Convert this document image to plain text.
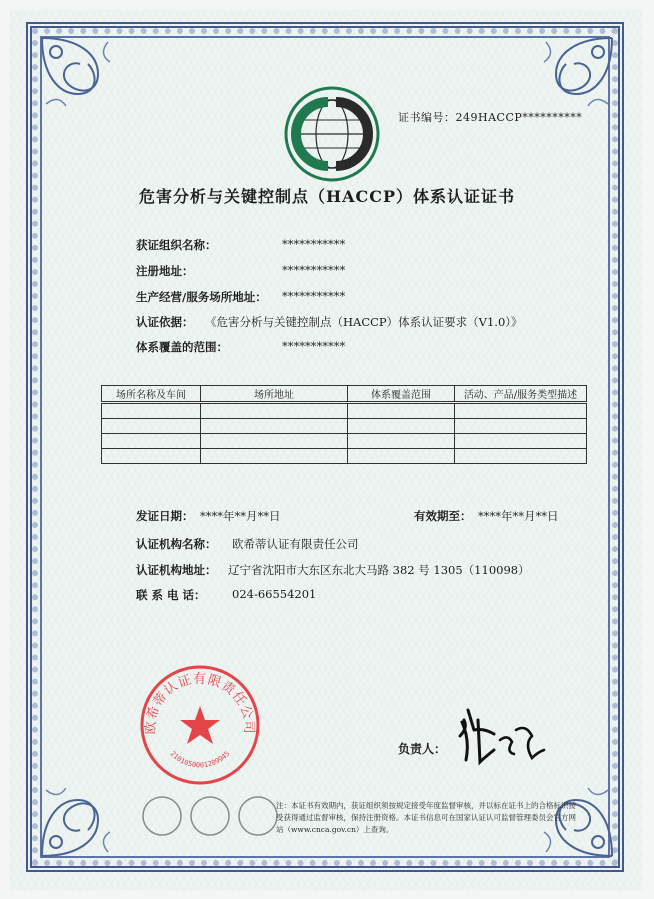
证书编号：249HACCP**********
危害分析与关键控制点（HACCP）体系认证证书
获证组织名称：	***********
注册地址：	***********
生产经营/服务场所地址： ***********
认证依据： 《危害分析与关键控制点（HACCP）体系认证要求（V1.0）》
体系覆盖的范围：	***********
场所名称及车间	场所地址	体系覆盖范围	活动、产品/服务类型描述

发证日期： ****年**月**日	有效期至： ****年**月**日
认证机构名称： 欧希蒂认证有限责任公司
认证机构地址： 辽宁省沈阳市大东区东北大马路 382 号 1305（110098）
联 系 电 话： 024-66554201
欧希蒂认证有限责任公司
2101050001209945	负责人：
注：本证书有效期内，获证组织须按规定接受年度监督审核，并以标在证书上的合格标识接受获得通过监督审核，保持注册资格。本证书信息可在国家认证认可监督管理委员会官方网站（www.cnca.gov.cn）上查询。
